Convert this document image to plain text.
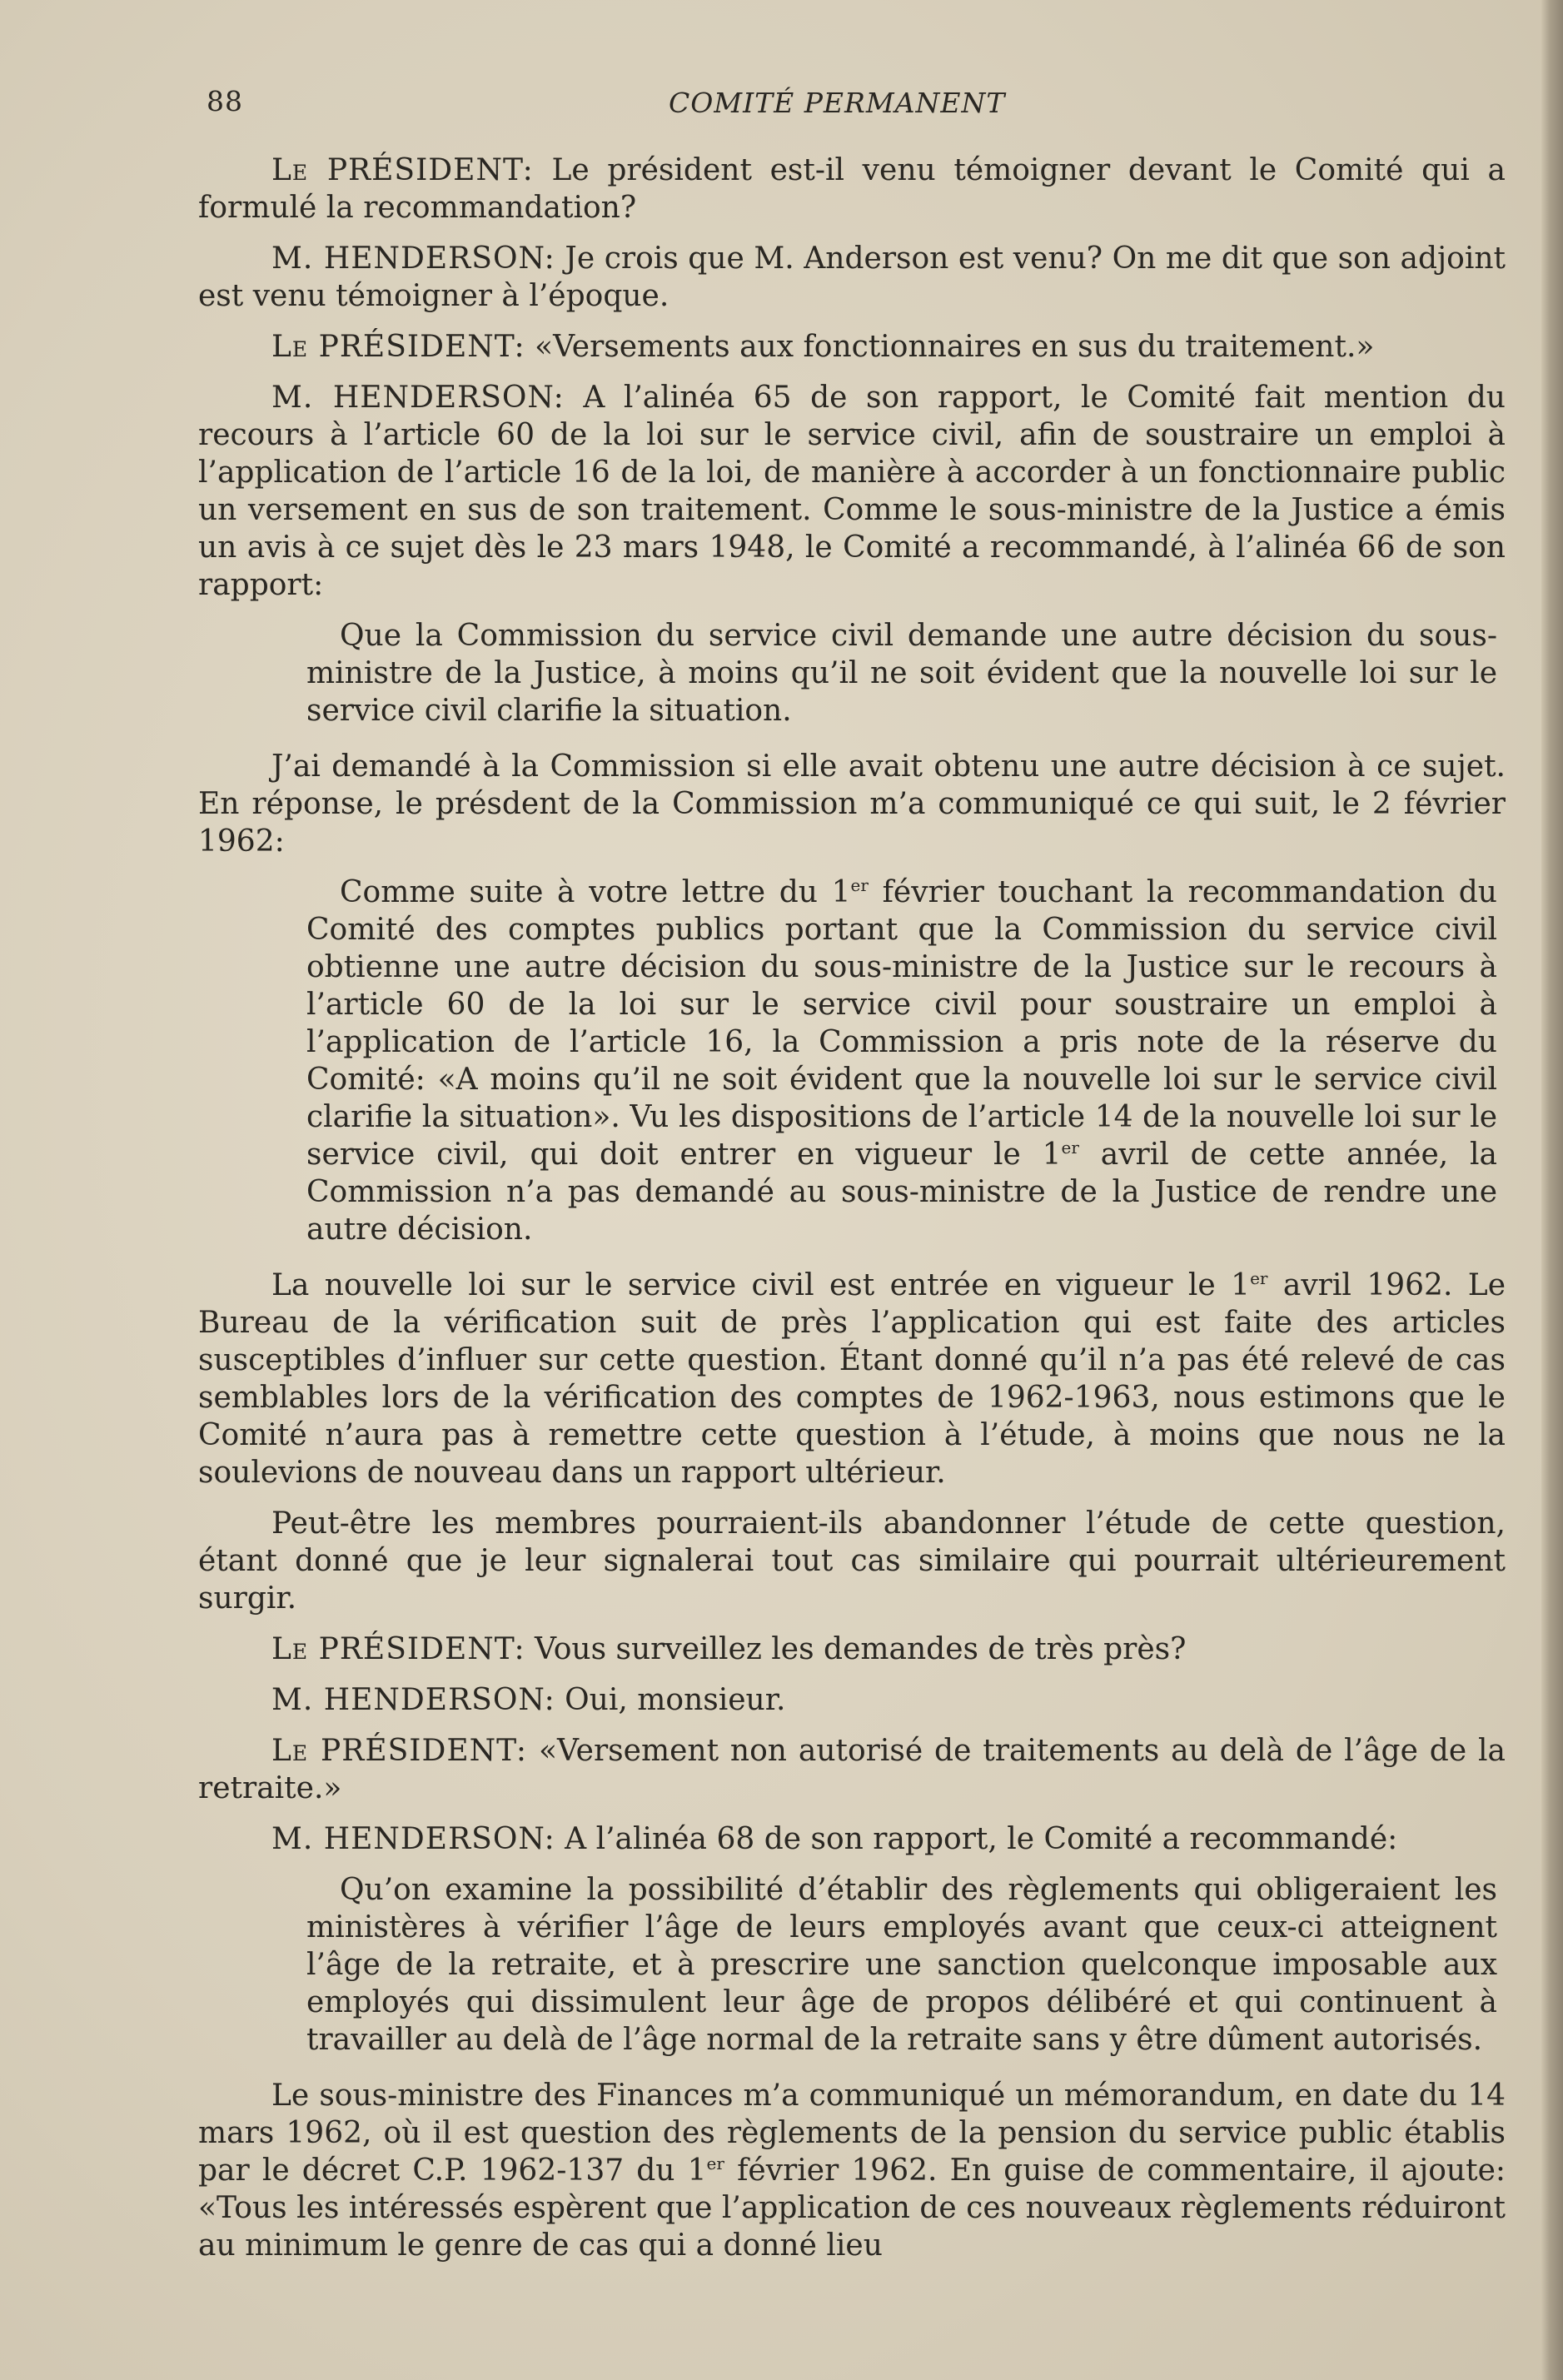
88	COMITÉ PERMANENT

Le PRÉSIDENT: Le président est-il venu témoigner devant le Comité qui a formulé la recommandation?

M. HENDERSON: Je crois que M. Anderson est venu? On me dit que son adjoint est venu témoigner à l’époque.

Le PRÉSIDENT: «Versements aux fonctionnaires en sus du traitement.»

M. HENDERSON: A l’alinéa 65 de son rapport, le Comité fait mention du recours à l’article 60 de la loi sur le service civil, afin de soustraire un emploi à l’application de l’article 16 de la loi, de manière à accorder à un fonctionnaire public un versement en sus de son traitement. Comme le sous-ministre de la Justice a émis un avis à ce sujet dès le 23 mars 1948, le Comité a recommandé, à l’alinéa 66 de son rapport:

Que la Commission du service civil demande une autre décision du sous-ministre de la Justice, à moins qu’il ne soit évident que la nouvelle loi sur le service civil clarifie la situation.

J’ai demandé à la Commission si elle avait obtenu une autre décision à ce sujet. En réponse, le présdent de la Commission m’a communiqué ce qui suit, le 2 février 1962:

Comme suite à votre lettre du 1er février touchant la recommandation du Comité des comptes publics portant que la Commission du service civil obtienne une autre décision du sous-ministre de la Justice sur le recours à l’article 60 de la loi sur le service civil pour soustraire un emploi à l’application de l’article 16, la Commission a pris note de la réserve du Comité: «A moins qu’il ne soit évident que la nouvelle loi sur le service civil clarifie la situation». Vu les dispositions de l’article 14 de la nouvelle loi sur le service civil, qui doit entrer en vigueur le 1er avril de cette année, la Commission n’a pas demandé au sous-ministre de la Justice de rendre une autre décision.

La nouvelle loi sur le service civil est entrée en vigueur le 1er avril 1962. Le Bureau de la vérification suit de près l’application qui est faite des articles susceptibles d’influer sur cette question. Étant donné qu’il n’a pas été relevé de cas semblables lors de la vérification des comptes de 1962-1963, nous estimons que le Comité n’aura pas à remettre cette question à l’étude, à moins que nous ne la soulevions de nouveau dans un rapport ultérieur.

Peut-être les membres pourraient-ils abandonner l’étude de cette question, étant donné que je leur signalerai tout cas similaire qui pourrait ultérieurement surgir.

Le PRÉSIDENT: Vous surveillez les demandes de très près?

M. HENDERSON: Oui, monsieur.

Le PRÉSIDENT: «Versement non autorisé de traitements au delà de l’âge de la retraite.»

M. HENDERSON: A l’alinéa 68 de son rapport, le Comité a recommandé:

Qu’on examine la possibilité d’établir des règlements qui obligeraient les ministères à vérifier l’âge de leurs employés avant que ceux-ci atteignent l’âge de la retraite, et à prescrire une sanction quelconque imposable aux employés qui dissimulent leur âge de propos délibéré et qui continuent à travailler au delà de l’âge normal de la retraite sans y être dûment autorisés.

Le sous-ministre des Finances m’a communiqué un mémorandum, en date du 14 mars 1962, où il est question des règlements de la pension du service public établis par le décret C.P. 1962-137 du 1er février 1962. En guise de commentaire, il ajoute: «Tous les intéressés espèrent que l’application de ces nouveaux règlements réduiront au minimum le genre de cas qui a donné lieu
